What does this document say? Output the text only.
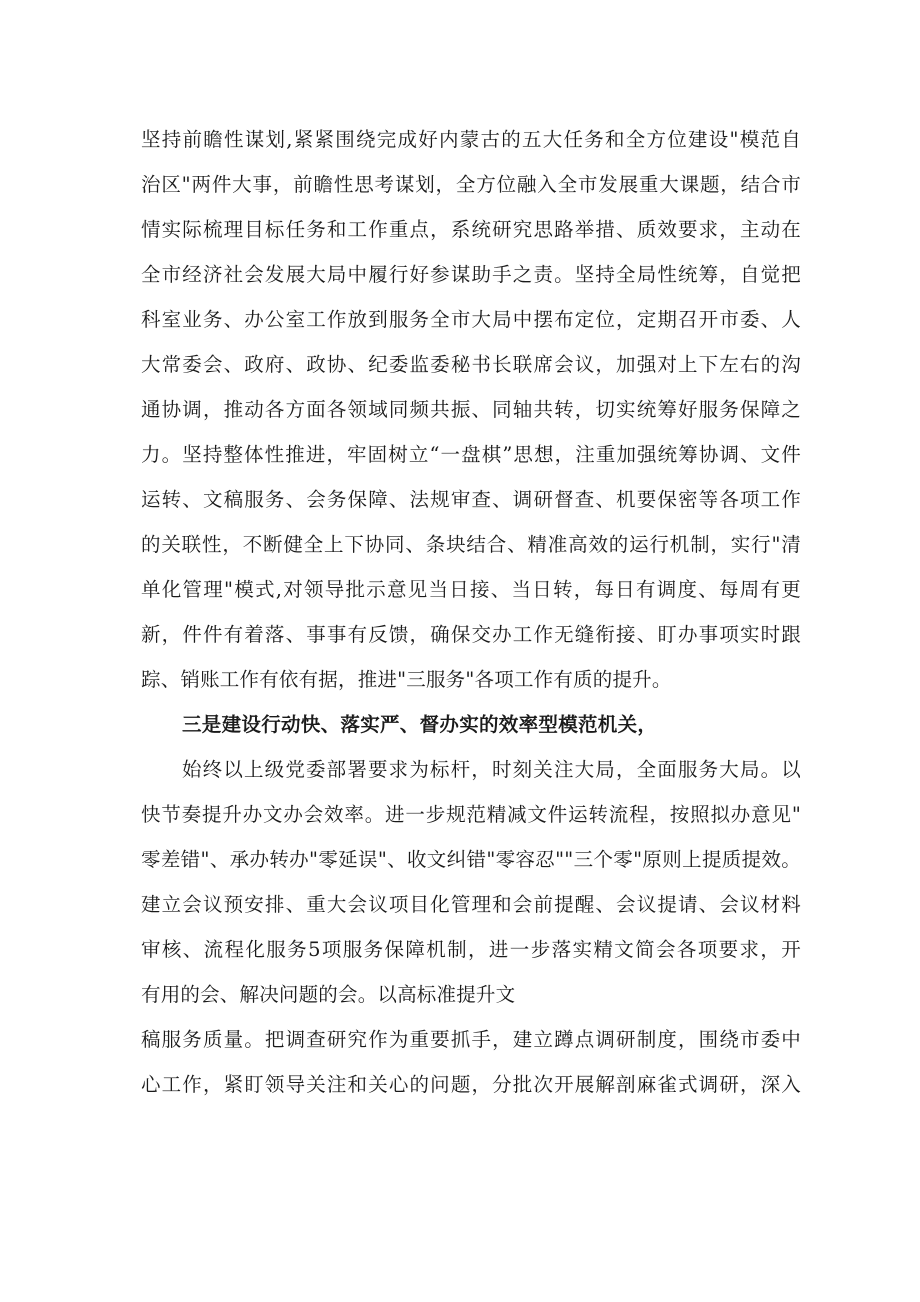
坚持前瞻性谋划,紧紧围绕完成好内蒙古的五大任务和全方位建设"模范自
治区"两件大事，前瞻性思考谋划，全方位融入全市发展重大课题，结合市
情实际梳理目标任务和工作重点，系统研究思路举措、质效要求，主动在
全市经济社会发展大局中履行好参谋助手之责。坚持全局性统筹，自觉把
科室业务、办公室工作放到服务全市大局中摆布定位，定期召开市委、人
大常委会、政府、政协、纪委监委秘书长联席会议，加强对上下左右的沟
通协调，推动各方面各领域同频共振、同轴共转，切实统筹好服务保障之
力。坚持整体性推进，牢固树立“一盘棋”思想，注重加强统筹协调、文件
运转、文稿服务、会务保障、法规审查、调研督查、机要保密等各项工作
的关联性，不断健全上下协同、条块结合、精准高效的运行机制，实行"清
单化管理"模式,对领导批示意见当日接、当日转，每日有调度、每周有更
新，件件有着落、事事有反馈，确保交办工作无缝衔接、盯办事项实时跟
踪、销账工作有依有据，推进"三服务"各项工作有质的提升。
三是建设行动快、落实严、督办实的效率型模范机关，
始终以上级党委部署要求为标杆，时刻关注大局，全面服务大局。以
快节奏提升办文办会效率。进一步规范精减文件运转流程，按照拟办意见"
零差错"、承办转办"零延误"、收文纠错"零容忍""三个零"原则上提质提效。
建立会议预安排、重大会议项目化管理和会前提醒、会议提请、会议材料
审核、流程化服务5项服务保障机制，进一步落实精文简会各项要求，开
有用的会、解决问题的会。以高标准提升文
稿服务质量。把调查研究作为重要抓手，建立蹲点调研制度，围绕市委中
心工作，紧盯领导关注和关心的问题，分批次开展解剖麻雀式调研，深入
